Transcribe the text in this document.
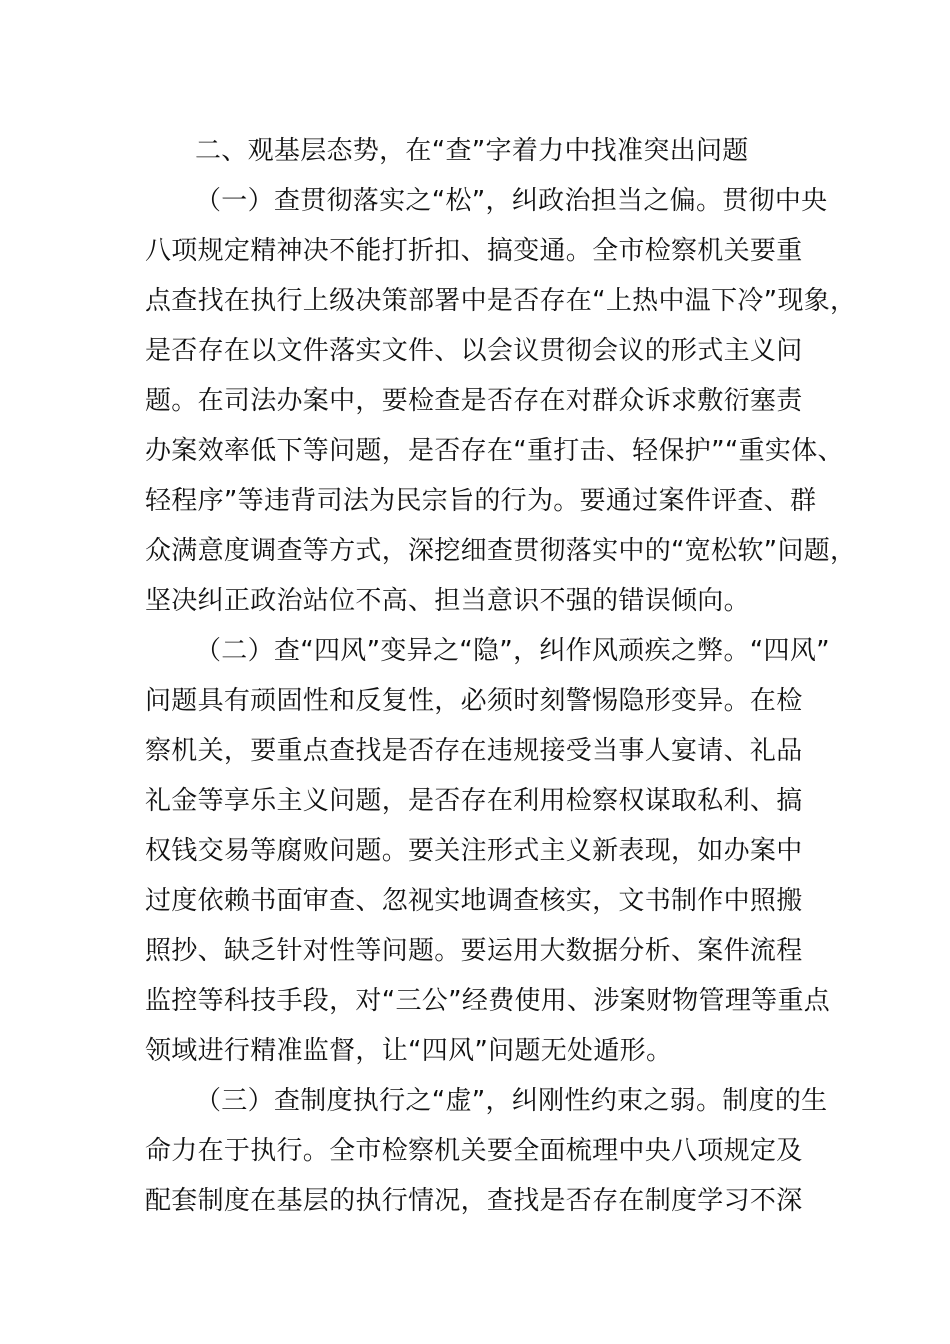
二、观基层态势，在“查”字着力中找准突出问题
（一）查贯彻落实之“松”，纠政治担当之偏。贯彻中央
八项规定精神决不能打折扣、搞变通。全市检察机关要重
点查找在执行上级决策部署中是否存在“上热中温下冷”现象，
是否存在以文件落实文件、以会议贯彻会议的形式主义问
题。在司法办案中，要检查是否存在对群众诉求敷衍塞责
办案效率低下等问题，是否存在“重打击、轻保护”“重实体、
轻程序”等违背司法为民宗旨的行为。要通过案件评查、群
众满意度调查等方式，深挖细查贯彻落实中的“宽松软”问题，
坚决纠正政治站位不高、担当意识不强的错误倾向。
（二）查“四风”变异之“隐”，纠作风顽疾之弊。“四风”
问题具有顽固性和反复性，必须时刻警惕隐形变异。在检
察机关，要重点查找是否存在违规接受当事人宴请、礼品
礼金等享乐主义问题，是否存在利用检察权谋取私利、搞
权钱交易等腐败问题。要关注形式主义新表现，如办案中
过度依赖书面审查、忽视实地调查核实，文书制作中照搬
照抄、缺乏针对性等问题。要运用大数据分析、案件流程
监控等科技手段，对“三公”经费使用、涉案财物管理等重点
领域进行精准监督，让“四风”问题无处遁形。
（三）查制度执行之“虚”，纠刚性约束之弱。制度的生
命力在于执行。全市检察机关要全面梳理中央八项规定及
配套制度在基层的执行情况，查找是否存在制度学习不深
